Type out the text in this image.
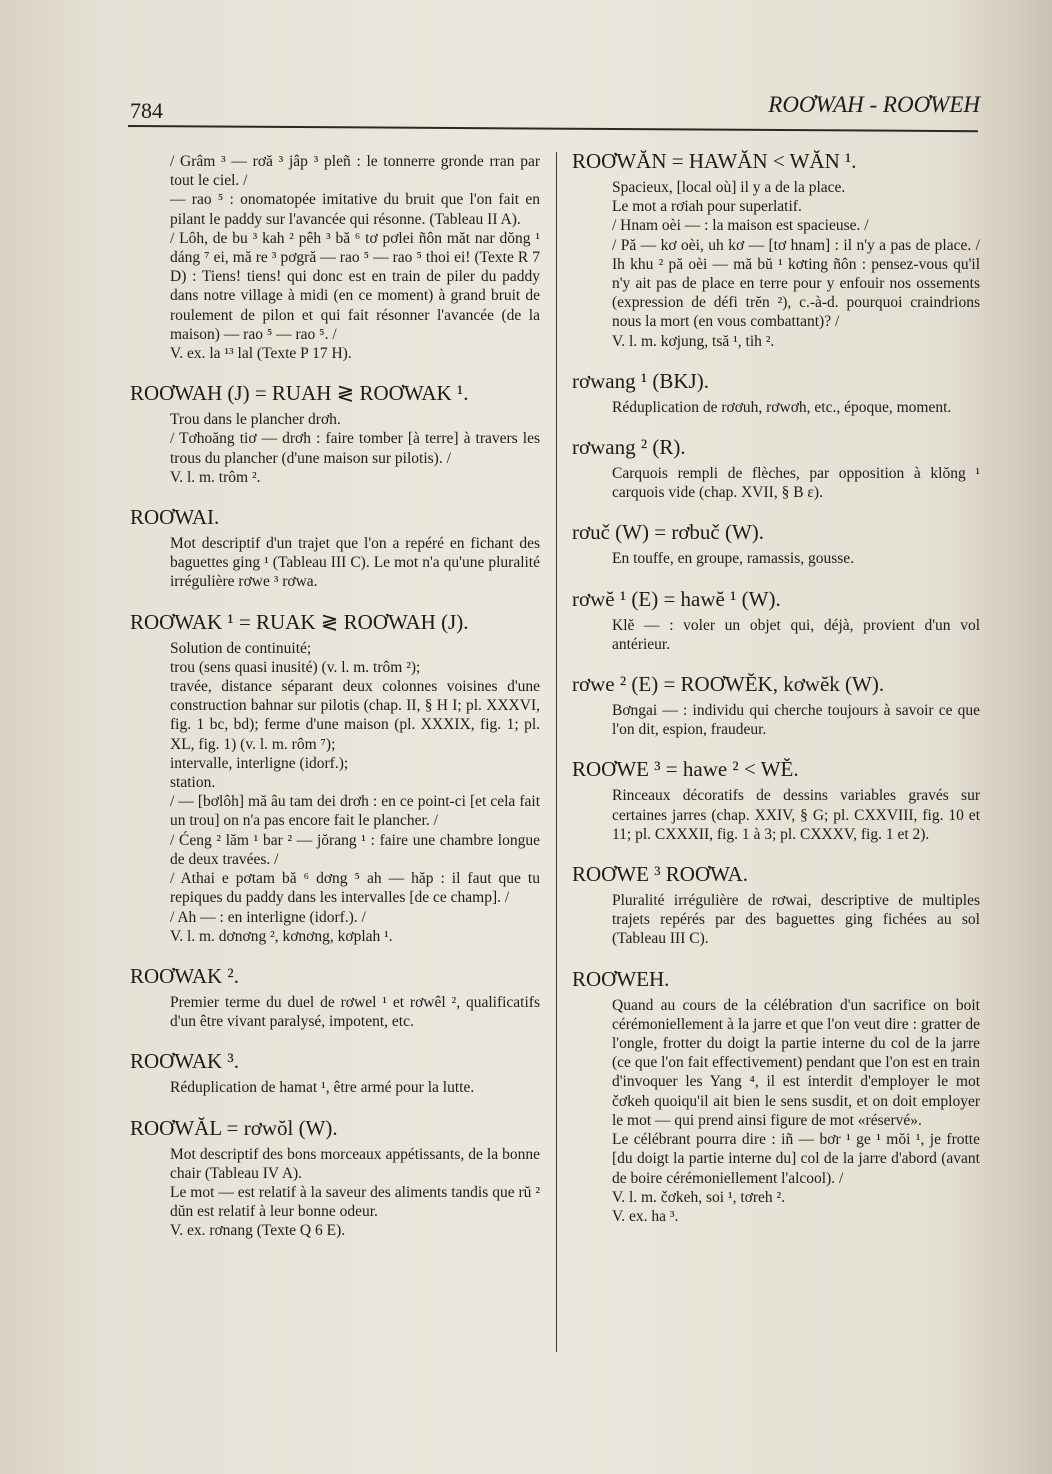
784	ROƠWAH - ROƠWEH

/ Grâm ³ — rơă ³ jâp ³ pleñ : le tonnerre gronde rran par tout le ciel. /

— rao ⁵ : onomatopée imitative du bruit que l'on fait en pilant le paddy sur l'avancée qui résonne. (Tableau II A).

/ Lôh, de bu ³ kah ² pêh ³ bă ⁶ tơ pơlei ñôn măt nar dŏng ¹ dáng ⁷ ei, mă re ³ pơgră — rao ⁵ — rao ⁵ thoi ei! (Texte R 7 D) : Tiens! tiens! qui donc est en train de piler du paddy dans notre village à midi (en ce moment) à grand bruit de roulement de pilon et qui fait résonner l'avancée (de la maison) — rao ⁵ — rao ⁵. /

V. ex. la ¹³ lal (Texte P 17 H).

ROƠWAH (J) = RUAH ≷ ROƠWAK ¹.

Trou dans le plancher drơh.

/ Tơhoăng tiơ — drơh : faire tomber [à terre] à travers les trous du plancher (d'une maison sur pilotis). /

V. l. m. trôm ².

ROƠWAI.

Mot descriptif d'un trajet que l'on a repéré en fichant des baguettes ging ¹ (Tableau III C). Le mot n'a qu'une pluralité irrégulière rơwe ³ rơwa.

ROƠWAK ¹ = RUAK ≷ ROƠWAH (J).

Solution de continuité;

trou (sens quasi inusité) (v. l. m. trôm ²);

travée, distance séparant deux colonnes voisines d'une construction bahnar sur pilotis (chap. II, § H I; pl. XXXVI, fig. 1 bc, bd); ferme d'une maison (pl. XXXIX, fig. 1; pl. XL, fig. 1) (v. l. m. rôm ⁷);

intervalle, interligne (idorf.);

station.

/ — [bơlôh] mă âu tam dei drơh : en ce point-ci [et cela fait un trou] on n'a pas encore fait le plancher. /

/ Ćeng ² lăm ¹ bar ² — jŏrang ¹ : faire une chambre longue de deux travées. /

/ Athai e pơtam bă ⁶ dơng ⁵ ah — hăp : il faut que tu repiques du paddy dans les intervalles [de ce champ]. /

/ Ah — : en interligne (idorf.). /

V. l. m. dơnơng ², kơnơng, kơplah ¹.

ROƠWAK ².

Premier terme du duel de rơwel ¹ et rơwêl ², qualificatifs d'un être vivant paralysé, impotent, etc.

ROƠWAK ³.

Réduplication de hamat ¹, être armé pour la lutte.

ROƠWĂL = rơwŏl (W).

Mot descriptif des bons morceaux appétissants, de la bonne chair (Tableau IV A).

Le mot — est relatif à la saveur des aliments tandis que rŭ ² dŭn est relatif à leur bonne odeur.

V. ex. rơnang (Texte Q 6 E).

ROƠWĂN = HAWĂN < WĂN ¹.

Spacieux, [local où] il y a de la place.

Le mot a rơiah pour superlatif.

/ Hnam oèi — : la maison est spacieuse. /

/ Pă — kơ oèi, uh kơ — [tơ hnam] : il n'y a pas de place. / Ih khu ² pă oèi — mă bŭ ¹ kơting ñôn : pensez-vous qu'il n'y ait pas de place en terre pour y enfouir nos ossements (expression de défi trĕn ²), c.-à-d. pourquoi craindrions nous la mort (en vous combattant)? /

V. l. m. kơjung, tsă ¹, tih ².

rơwang ¹ (BKJ).

Réduplication de rơơuh, rơwơh, etc., époque, moment.

rơwang ² (R).

Carquois rempli de flèches, par opposition à klŏng ¹ carquois vide (chap. XVII, § B ε).

rơuč (W) = rơbuč (W).

En touffe, en groupe, ramassis, gousse.

rơwĕ ¹ (E) = hawĕ ¹ (W).

Klĕ — : voler un objet qui, déjà, provient d'un vol antérieur.

rơwe ² (E) = ROƠWĔK, kơwĕk (W).

Bơngai — : individu qui cherche toujours à savoir ce que l'on dit, espion, fraudeur.

ROƠWE ³ = hawe ² < WĔ.

Rinceaux décoratifs de dessins variables gravés sur certaines jarres (chap. XXIV, § G; pl. CXXVIII, fig. 10 et 11; pl. CXXXII, fig. 1 à 3; pl. CXXXV, fig. 1 et 2).

ROƠWE ³ ROƠWA.

Pluralité irrégulière de rơwai, descriptive de multiples trajets repérés par des baguettes ging fichées au sol (Tableau III C).

ROƠWEH.

Quand au cours de la célébration d'un sacrifice on boit cérémoniellement à la jarre et que l'on veut dire : gratter de l'ongle, frotter du doigt la partie interne du col de la jarre (ce que l'on fait effectivement) pendant que l'on est en train d'invoquer les Yang ⁴, il est interdit d'employer le mot čơkeh quoiqu'il ait bien le sens susdit, et on doit employer le mot — qui prend ainsi figure de mot «réservé».

Le célébrant pourra dire : iñ — bơr ¹ ge ¹ mŏi ¹, je frotte [du doigt la partie interne du] col de la jarre d'abord (avant de boire cérémoniellement l'alcool). /

V. l. m. čơkeh, soi ¹, tơreh ².

V. ex. ha ³.
